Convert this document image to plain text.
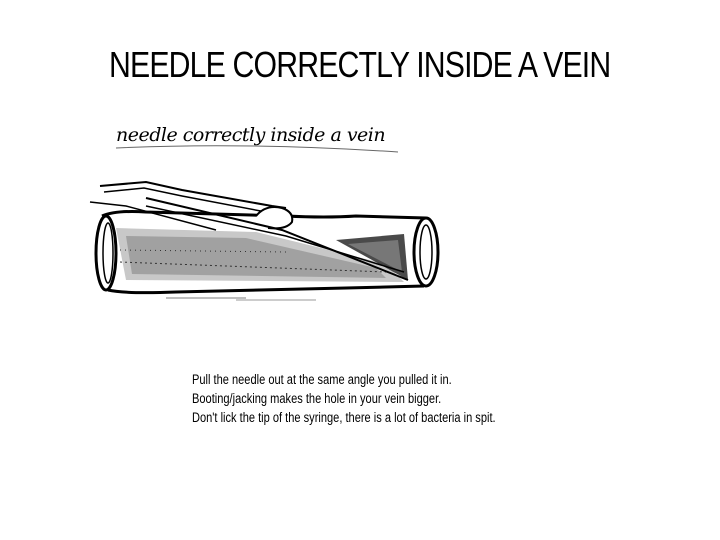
NEEDLE CORRECTLY INSIDE A VEIN
needle correctly inside a vein
Pull the needle out at the same angle you pulled it in.
Booting/jacking makes the hole in your vein bigger.
Don't lick the tip of the syringe, there is a lot of bacteria in spit.
